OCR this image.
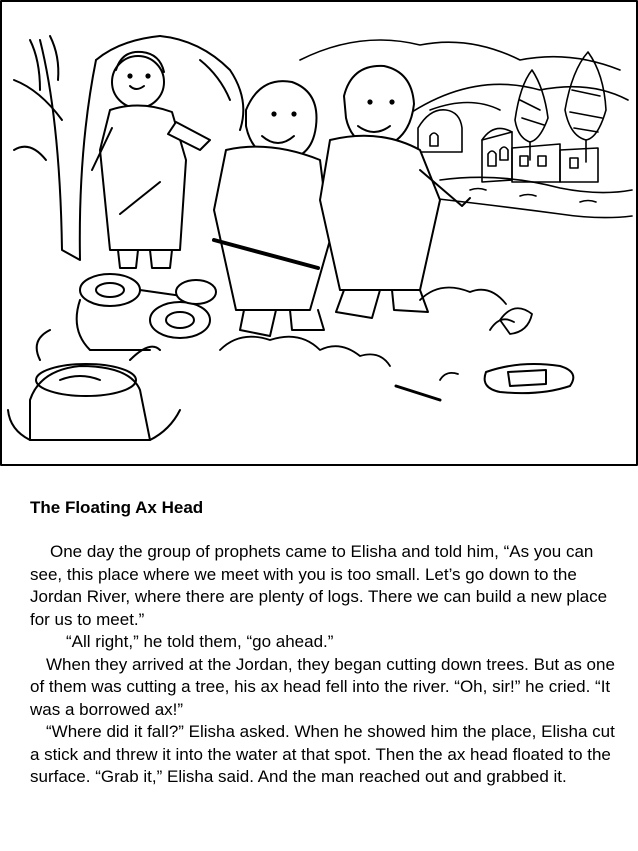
The Floating Ax Head

One day the group of prophets came to Elisha and told him, “As you can see, this place where we meet with you is too small. Let’s go down to the Jordan River, where there are plenty of logs. There we can build a new place for us to meet.”

“All right,” he told them, “go ahead.”

When they arrived at the Jordan, they began cutting down trees. But as one of them was cutting a tree, his ax head fell into the river. “Oh, sir!” he cried. “It was a borrowed ax!”

“Where did it fall?” Elisha asked. When he showed him the place, Elisha cut a stick and threw it into the water at that spot. Then the ax head floated to the surface. “Grab it,” Elisha said. And the man reached out and grabbed it.
